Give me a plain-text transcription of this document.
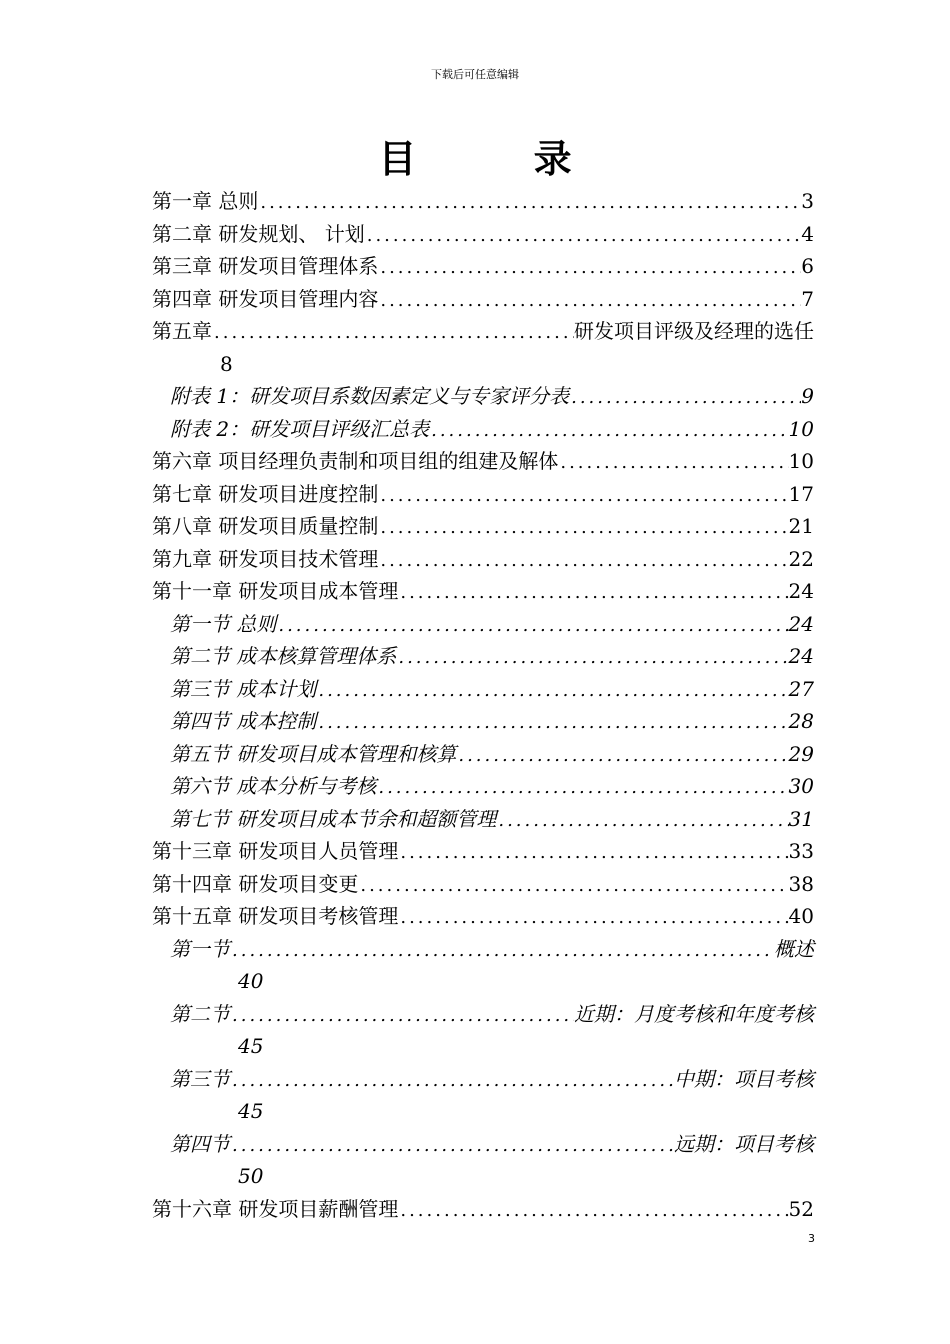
下载后可任意编辑
目 录
第一章 总则 .....	3
第二章 研发规划、 计划 .....	4
第三章 研发项目管理体系 .....	6
第四章 研发项目管理内容 .....	7
第五章 .....	研发项目评级及经理的选任
8
附表 1：研发项目系数因素定义与专家评分表 .....	9
附表 2：研发项目评级汇总表 .....	10
第六章 项目经理负责制和项目组的组建及解体 .....	10
第七章 研发项目进度控制 .....	17
第八章 研发项目质量控制 .....	21
第九章 研发项目技术管理 .....	22
第十一章 研发项目成本管理 .....	24
第一节 总则 .....	24
第二节 成本核算管理体系 .....	24
第三节 成本计划 .....	27
第四节 成本控制 .....	28
第五节 研发项目成本管理和核算 .....	29
第六节 成本分析与考核 .....	30
第七节 研发项目成本节余和超额管理 .....	31
第十三章 研发项目人员管理 .....	33
第十四章 研发项目变更 .....	38
第十五章 研发项目考核管理 .....	40
第一节 .....	概述
40
第二节 .....	近期：月度考核和年度考核
45
第三节 .....	中期：项目考核
45
第四节 .....	远期：项目考核
50
第十六章 研发项目薪酬管理 .....	52
3
